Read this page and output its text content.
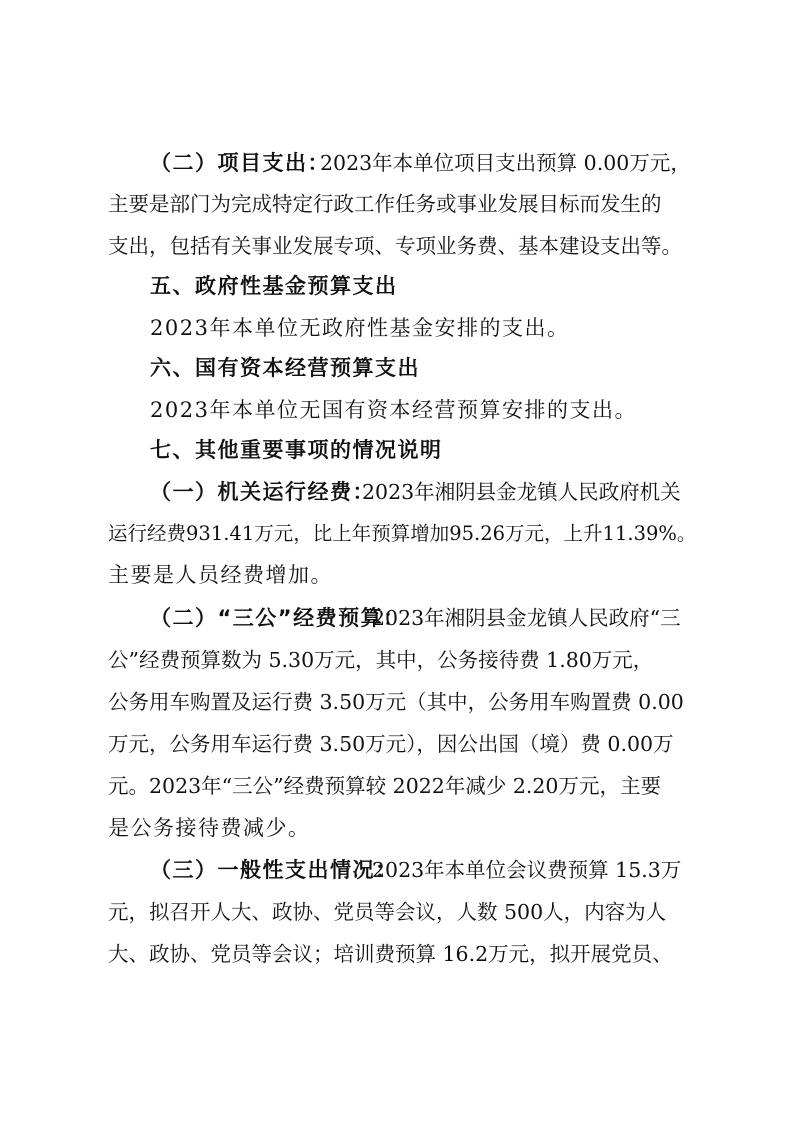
（二）项目支出：
2023年本单位项目支出预算 0.00万元，
主要是部门为完成特定行政工作任务或事业发展目标而发生的
支出，包括有关事业发展专项、专项业务费、基本建设支出等。
五、政府性基金预算支出
2023年本单位无政府性基金安排的支出。
六、国有资本经营预算支出
2023年本单位无国有资本经营预算安排的支出。
七、其他重要事项的情况说明
（一）机关运行经费：
2023年湘阴县金龙镇人民政府机关
运行经费931.41万元，比上年预算增加95.26万元，上升11.39%。
主要是人员经费增加。
（二）“三公”经费预算：
2023年湘阴县金龙镇人民政府“三
公”经费预算数为 5.30万元，其中，公务接待费 1.80万元，
公务用车购置及运行费 3.50万元（其中，公务用车购置费 0.00
万元，公务用车运行费 3.50万元），因公出国（境）费 0.00万
元。2023年“三公”经费预算较 2022年减少 2.20万元，主要
是公务接待费减少。
（三）一般性支出情况：
2023年本单位会议费预算 15.3万
元，拟召开人大、政协、党员等会议，人数 500人，内容为人
大、政协、党员等会议；培训费预算 16.2万元，拟开展党员、
